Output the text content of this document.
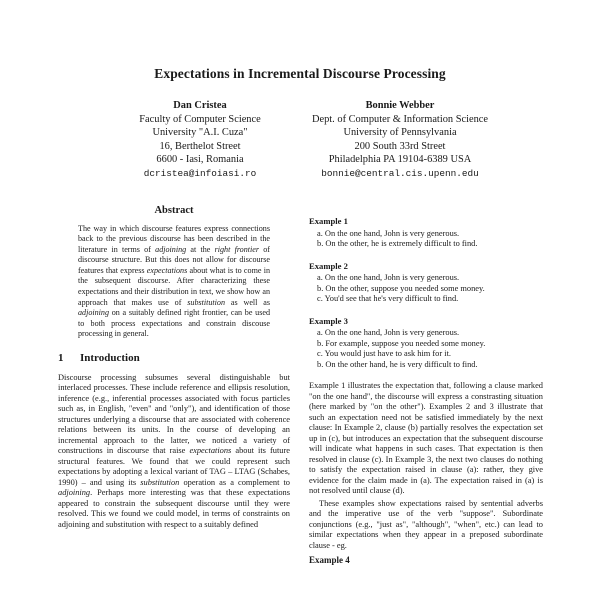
Expectations in Incremental Discourse Processing
Dan Cristea
Faculty of Computer Science
University "A.I. Cuza"
16, Berthelot Street
6600 - Iasi, Romania
dcristea@infoiasi.ro
Bonnie Webber
Dept. of Computer & Information Science
University of Pennsylvania
200 South 33rd Street
Philadelphia PA 19104-6389 USA
bonnie@central.cis.upenn.edu
Abstract
The way in which discourse features express connections back to the previous discourse has been described in the literature in terms of adjoining at the right frontier of discourse structure. But this does not allow for discourse features that express expectations about what is to come in the subsequent discourse. After characterizing these expectations and their distribution in text, we show how an approach that makes use of substitution as well as adjoining on a suitably defined right frontier, can be used to both process expectations and constrain discouse processing in general.
1 Introduction
Discourse processing subsumes several distinguishable but interlaced processes. These include reference and ellipsis resolution, inference (e.g., inferential processes associated with focus particles such as, in English, "even" and "only"), and identification of those structures underlying a discourse that are associated with coherence relations between its units. In the course of developing an incremental approach to the latter, we noticed a variety of constructions in discourse that raise expectations about its future structural features. We found that we could represent such expectations by adopting a lexical variant of TAG – LTAG (Schabes, 1990) – and using its substitution operation as a complement to adjoining. Perhaps more interesting was that these expectations appeared to constrain the subsequent discourse until they were resolved. This we found we could model, in terms of constraints on adjoining and substitution with respect to a suitably defined
Example 1
a. On the one hand, John is very generous.
b. On the other, he is extremely difficult to find.
Example 2
a. On the one hand, John is very generous.
b. On the other, suppose you needed some money.
c. You'd see that he's very difficult to find.
Example 3
a. On the one hand, John is very generous.
b. For example, suppose you needed some money.
c. You would just have to ask him for it.
b. On the other hand, he is very difficult to find.

Example 1 illustrates the expectation that, following a clause marked "on the one hand", the discourse will express a constrasting situation (here marked by "on the other"). Examples 2 and 3 illustrate that such an expectation need not be satisfied immediately by the next clause: In Example 2, clause (b) partially resolves the expectation set up in (c), but introduces an expectation that the subsequent discourse will indicate what happens in such cases. That expectation is then resolved in clause (c). In Example 3, the next two clauses do nothing to satisfy the expectation raised in clause (a): rather, they give evidence for the claim made in (a). The expectation raised in (a) is not resolved until clause (d).

These examples show expectations raised by sentential adverbs and the imperative use of the verb "suppose". Subordinate conjunctions (e.g., "just as", "although", "when", etc.) can lead to similar expectations when they appear in a preposed subordinate clause - eg.

Example 4
